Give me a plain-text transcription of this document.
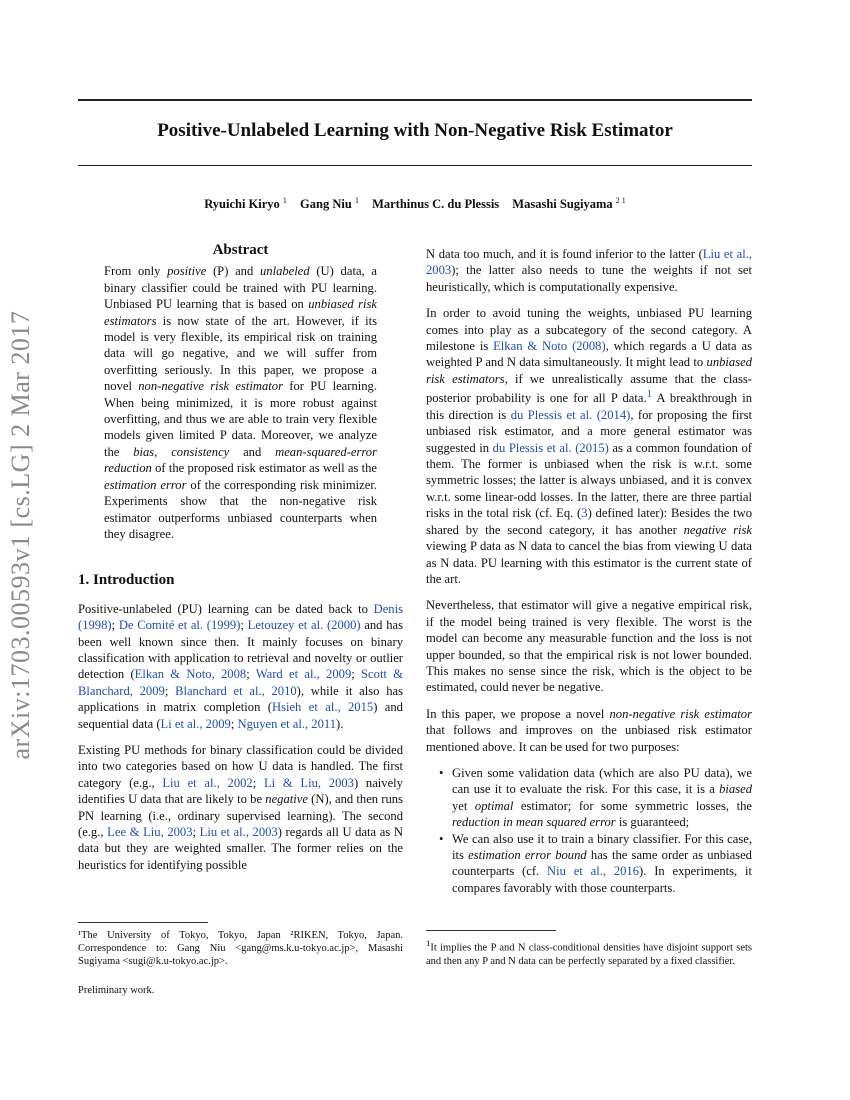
arXiv:1703.00593v1 [cs.LG] 2 Mar 2017
Positive-Unlabeled Learning with Non-Negative Risk Estimator
Ryuichi Kiryo $^1$ Gang Niu $^1$ Marthinus C. du Plessis Masashi Sugiyama $^{2 1}$
Abstract
From only positive (P) and unlabeled (U) data, a binary classifier could be trained with PU learning. Unbiased PU learning that is based on unbiased risk estimators is now state of the art. However, if its model is very flexible, its empirical risk on training data will go negative, and we will suffer from overfitting seriously. In this paper, we propose a novel non-negative risk estimator for PU learning. When being minimized, it is more robust against overfitting, and thus we are able to train very flexible models given limited P data. Moreover, we analyze the bias, consistency and mean-squared-error reduction of the proposed risk estimator as well as the estimation error of the corresponding risk minimizer. Experiments show that the non-negative risk estimator outperforms unbiased counterparts when they disagree.
1. Introduction

Positive-unlabeled (PU) learning can be dated back to Denis (1998); De Comité et al. (1999); Letouzey et al. (2000) and has been well known since then. It mainly focuses on binary classification with application to retrieval and novelty or outlier detection (Elkan & Noto, 2008; Ward et al., 2009; Scott & Blanchard, 2009; Blanchard et al., 2010), while it also has applications in matrix completion (Hsieh et al., 2015) and sequential data (Li et al., 2009; Nguyen et al., 2011).

Existing PU methods for binary classification could be divided into two categories based on how U data is handled. The first category (e.g., Liu et al., 2002; Li & Liu, 2003) naively identifies U data that are likely to be negative (N), and then runs PN learning (i.e., ordinary supervised learning). The second (e.g., Lee & Liu, 2003; Liu et al., 2003) regards all U data as N data but they are weighted smaller. The former relies on the heuristics for identifying possible

N data too much, and it is found inferior to the latter (Liu et al., 2003); the latter also needs to tune the weights if not set heuristically, which is computationally expensive.

In order to avoid tuning the weights, unbiased PU learning comes into play as a subcategory of the second category. A milestone is Elkan & Noto (2008), which regards a U data as weighted P and N data simultaneously. It might lead to unbiased risk estimators, if we unrealistically assume that the class-posterior probability is one for all P data.$^1$ A breakthrough in this direction is du Plessis et al. (2014), for proposing the first unbiased risk estimator, and a more general estimator was suggested in du Plessis et al. (2015) as a common foundation of them. The former is unbiased when the risk is w.r.t. some symmetric losses; the latter is always unbiased, and it is convex w.r.t. some linear-odd losses. In the latter, there are three partial risks in the total risk (cf. Eq. (3) defined later): Besides the two shared by the second category, it has another negative risk viewing P data as N data to cancel the bias from viewing U data as N data. PU learning with this estimator is the current state of the art.

Nevertheless, that estimator will give a negative empirical risk, if the model being trained is very flexible. The worst is the model can become any measurable function and the loss is not upper bounded, so that the empirical risk is not lower bounded. This makes no sense since the risk, which is the object to be estimated, could never be negative.

In this paper, we propose a novel non-negative risk estimator that follows and improves on the unbiased risk estimator mentioned above. It can be used for two purposes:

• Given some validation data (which are also PU data), we can use it to evaluate the risk. For this case, it is a biased yet optimal estimator; for some symmetric losses, the reduction in mean squared error is guaranteed;
• We can also use it to train a binary classifier. For this case, its estimation error bound has the same order as unbiased counterparts (cf. Niu et al., 2016). In experiments, it compares favorably with those counterparts.
¹The University of Tokyo, Tokyo, Japan ²RIKEN, Tokyo, Japan. Correspondence to: Gang Niu <gang@ms.k.u-tokyo.ac.jp>, Masashi Sugiyama <sugi@k.u-tokyo.ac.jp>.
Preliminary work.
$^1$It implies the P and N class-conditional densities have disjoint support sets and then any P and N data can be perfectly separated by a fixed classifier.
